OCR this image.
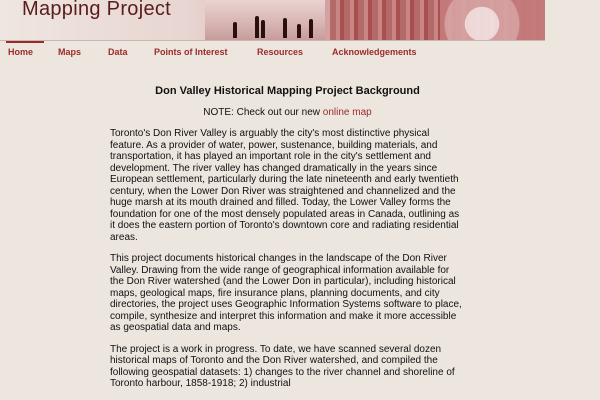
Mapping Project
Home	Maps	Data	Points of Interest	Resources	Acknowledgements
Don Valley Historical Mapping Project Background
NOTE: Check out our new online map

Toronto's Don River Valley is arguably the city's most distinctive physical feature. As a provider of water, power, sustenance, building materials, and transportation, it has played an important role in the city's settlement and development. The river valley has changed dramatically in the years since European settlement, particularly during the late nineteenth and early twentieth century, when the Lower Don River was straightened and channelized and the huge marsh at its mouth drained and filled. Today, the Lower Valley forms the foundation for one of the most densely populated areas in Canada, outlining as it does the eastern portion of Toronto's downtown core and radiating residential areas.

This project documents historical changes in the landscape of the Don River Valley. Drawing from the wide range of geographical information available for the Don River watershed (and the Lower Don in particular), including historical maps, geological maps, fire insurance plans, planning documents, and city directories, the project uses Geographic Information Systems software to place, compile, synthesize and interpret this information and make it more accessible as geospatial data and maps.

The project is a work in progress. To date, we have scanned several dozen historical maps of Toronto and the Don River watershed, and compiled the following geospatial datasets: 1) changes to the river channel and shoreline of Toronto harbour, 1858-1918; 2) industrial
